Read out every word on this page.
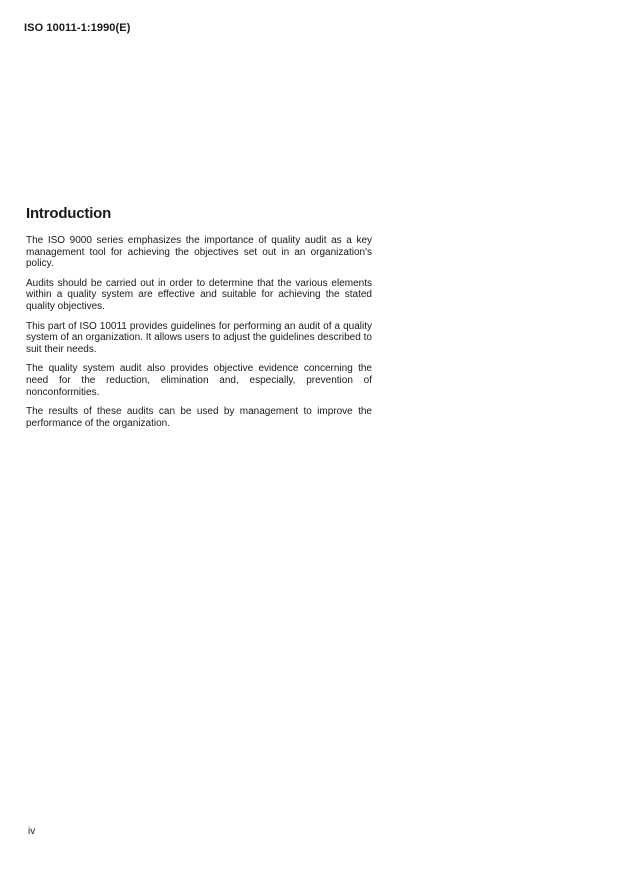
ISO 10011-1:1990(E)
Introduction

The ISO 9000 series emphasizes the importance of quality audit as a key management tool for achieving the objectives set out in an organization's policy.

Audits should be carried out in order to determine that the various elements within a quality system are effective and suitable for achieving the stated quality objectives.

This part of ISO 10011 provides guidelines for performing an audit of a quality system of an organization. It allows users to adjust the guidelines described to suit their needs.

The quality system audit also provides objective evidence concerning the need for the reduction, elimination and, especially, prevention of nonconformities.

The results of these audits can be used by management to improve the performance of the organization.

iv
